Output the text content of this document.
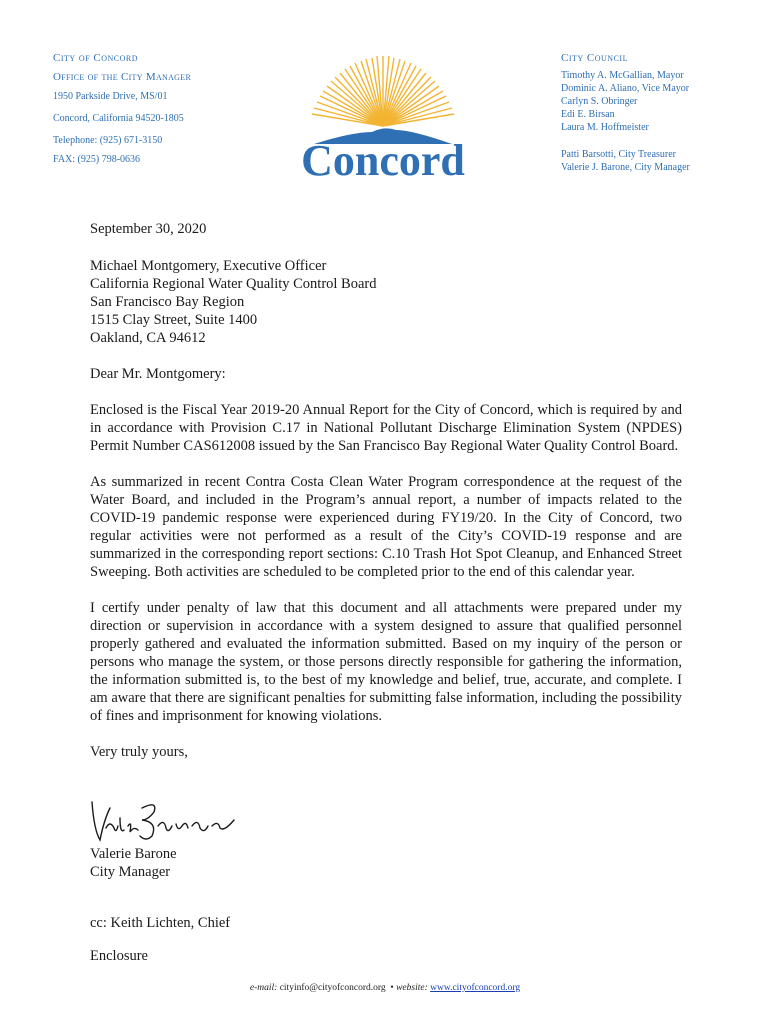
City of Concord
Office of the City Manager
1950 Parkside Drive, MS/01
Concord, California 94520-1805
Telephone: (925) 671-3150
FAX: (925) 798-0636	Concord
City Council
Timothy A. McGallian, Mayor
Dominic A. Aliano, Vice Mayor
Carlyn S. Obringer
Edi E. Birsan
Laura M. Hoffmeister
Patti Barsotti, City Treasurer
Valerie J. Barone, City Manager

September 30, 2020

Michael Montgomery, Executive Officer

California Regional Water Quality Control Board

San Francisco Bay Region

1515 Clay Street, Suite 1400

Oakland, CA 94612

Dear Mr. Montgomery:

Enclosed is the Fiscal Year 2019-20 Annual Report for the City of Concord, which is required by and in accordance with Provision C.17 in National Pollutant Discharge Elimination System (NPDES) Permit Number CAS612008 issued by the San Francisco Bay Regional Water Quality Control Board.

As summarized in recent Contra Costa Clean Water Program correspondence at the request of the Water Board, and included in the Program’s annual report, a number of impacts related to the COVID-19 pandemic response were experienced during FY19/20. In the City of Concord, two regular activities were not performed as a result of the City’s COVID-19 response and are summarized in the corresponding report sections: C.10 Trash Hot Spot Cleanup, and Enhanced Street Sweeping. Both activities are scheduled to be completed prior to the end of this calendar year.

I certify under penalty of law that this document and all attachments were prepared under my direction or supervision in accordance with a system designed to assure that qualified personnel properly gathered and evaluated the information submitted. Based on my inquiry of the person or persons who manage the system, or those persons directly responsible for gathering the information, the information submitted is, to the best of my knowledge and belief, true, accurate, and complete. I am aware that there are significant penalties for submitting false information, including the possibility of fines and imprisonment for knowing violations.

Very truly yours,

Valerie Barone
City Manager
cc: Keith Lichten, Chief
Enclosure
e-mail: cityinfo@cityofconcord.org • website: www.cityofconcord.org
